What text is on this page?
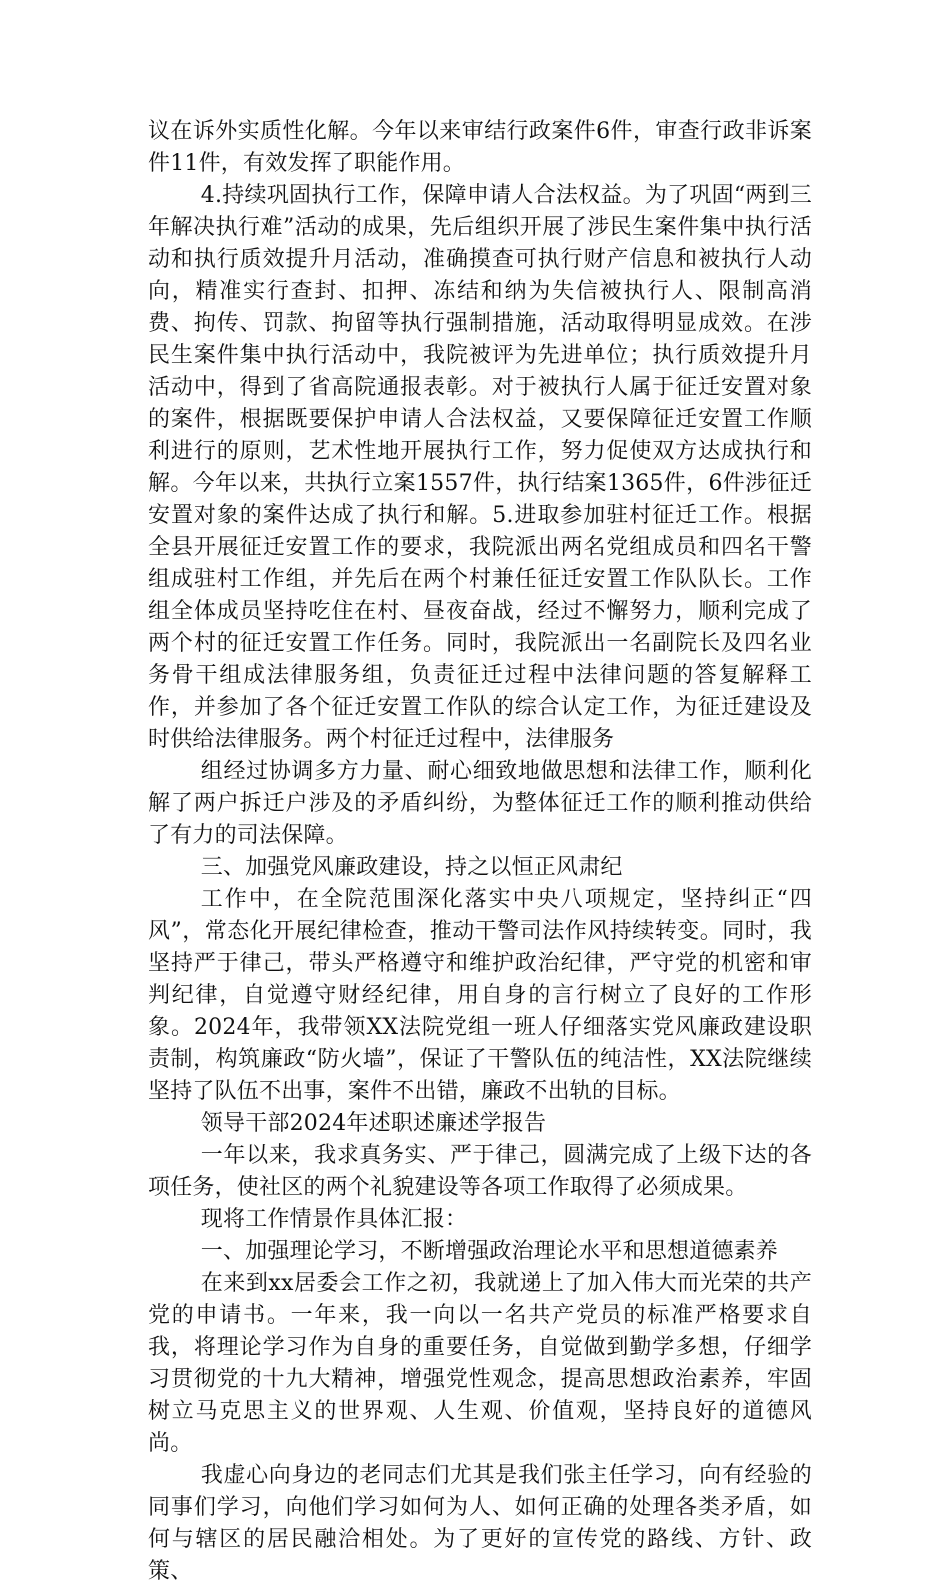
议在诉外实质性化解。今年以来审结行政案件6件，审查行政非诉案件11件，有效发挥了职能作用。

4.持续巩固执行工作，保障申请人合法权益。为了巩固“两到三年解决执行难”活动的成果，先后组织开展了涉民生案件集中执行活动和执行质效提升月活动，准确摸查可执行财产信息和被执行人动向，精准实行查封、扣押、冻结和纳为失信被执行人、限制高消费、拘传、罚款、拘留等执行强制措施，活动取得明显成效。在涉民生案件集中执行活动中，我院被评为先进单位；执行质效提升月活动中，得到了省高院通报表彰。对于被执行人属于征迁安置对象的案件，根据既要保护申请人合法权益，又要保障征迁安置工作顺利进行的原则，艺术性地开展执行工作，努力促使双方达成执行和解。今年以来，共执行立案1557件，执行结案1365件，6件涉征迁安置对象的案件达成了执行和解。5.进取参加驻村征迁工作。根据全县开展征迁安置工作的要求，我院派出两名党组成员和四名干警组成驻村工作组，并先后在两个村兼任征迁安置工作队队长。工作组全体成员坚持吃住在村、昼夜奋战，经过不懈努力，顺利完成了两个村的征迁安置工作任务。同时，我院派出一名副院长及四名业务骨干组成法律服务组，负责征迁过程中法律问题的答复解释工作，并参加了各个征迁安置工作队的综合认定工作，为征迁建设及时供给法律服务。两个村征迁过程中，法律服务

组经过协调多方力量、耐心细致地做思想和法律工作，顺利化解了两户拆迁户涉及的矛盾纠纷，为整体征迁工作的顺利推动供给了有力的司法保障。

三、加强党风廉政建设，持之以恒正风肃纪

工作中，在全院范围深化落实中央八项规定，坚持纠正“四风”，常态化开展纪律检查，推动干警司法作风持续转变。同时，我坚持严于律己，带头严格遵守和维护政治纪律，严守党的机密和审判纪律，自觉遵守财经纪律，用自身的言行树立了良好的工作形象。2024年，我带领XX法院党组一班人仔细落实党风廉政建设职责制，构筑廉政“防火墙”，保证了干警队伍的纯洁性，XX法院继续坚持了队伍不出事，案件不出错，廉政不出轨的目标。

领导干部2024年述职述廉述学报告

一年以来，我求真务实、严于律己，圆满完成了上级下达的各项任务，使社区的两个礼貌建设等各项工作取得了必须成果。

现将工作情景作具体汇报：

一、加强理论学习，不断增强政治理论水平和思想道德素养

在来到xx居委会工作之初，我就递上了加入伟大而光荣的共产党的申请书。一年来，我一向以一名共产党员的标准严格要求自我，将理论学习作为自身的重要任务，自觉做到勤学多想，仔细学习贯彻党的十九大精神，增强党性观念，提高思想政治素养，牢固树立马克思主义的世界观、人生观、价值观，坚持良好的道德风尚。

我虚心向身边的老同志们尤其是我们张主任学习，向有经验的同事们学习，向他们学习如何为人、如何正确的处理各类矛盾，如何与辖区的居民融洽相处。为了更好的宣传党的路线、方针、政策、
